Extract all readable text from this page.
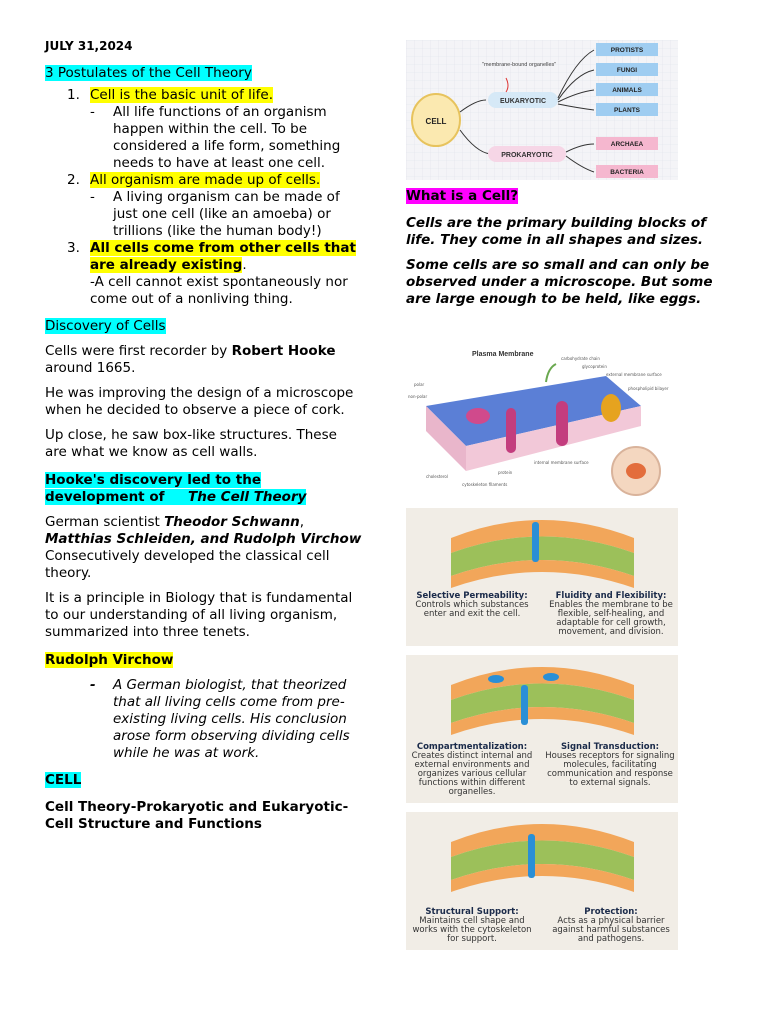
JULY 31,2024
3 Postulates of the Cell Theory
1. Cell is the basic unit of life.
- All life functions of an organism happen within the cell. To be considered a life form, something needs to have at least one cell.
2. All organism are made up of cells.
- A living organism can be made of just one cell (like an amoeba) or trillions (like the human body!)
3. All cells come from other cells that are already existing.
-A cell cannot exist spontaneously nor come out of a nonliving thing.
Discovery of Cells

Cells were first recorder by Robert Hooke around 1665.

He was improving the design of a microscope when he decided to observe a piece of cork.

Up close, he saw box-like structures. These are what we know as cell walls.

Hooke's discovery led to the development of     The Cell Theory

German scientist Theodor Schwann, Matthias Schleiden, and Rudolph Virchow Consecutively developed the classical cell theory.

It is a principle in Biology that is fundamental to our understanding of all living organism, summarized into three tenets.

Rudolph Virchow
- A German biologist, that theorized that all living cells come from pre-existing living cells. His conclusion arose form observing dividing cells while he was at work.
CELL
Cell Theory-Prokaryotic and Eukaryotic-Cell Structure and Functions
CELL
EUKARYOTIC
PROKARYOTIC
"membrane-bound organelles"
PROTISTS
FUNGI
ANIMALS
PLANTS
ARCHAEA
BACTERIA
What is a Cell?

Cells are the primary building blocks of life. They come in all shapes and sizes.

Some cells are so small and can only be observed under a microscope. But some are large enough to be held, like eggs.

Plasma Membrane
polar
non-polar
carbohydrate chain
glycoprotein
external membrane surface
phospholipid bilayer
internal membrane surface
protein
cholesterol
cytoskeleton filaments
Selective Permeability:
Controls which substances enter and exit the cell.
Fluidity and Flexibility:
Enables the membrane to be flexible, self-healing, and adaptable for cell growth, movement, and division.
Compartmentalization:
Creates distinct internal and external environments and organizes various cellular functions within different organelles.
Signal Transduction:
Houses receptors for signaling molecules, facilitating communication and response to external signals.
Structural Support:
Maintains cell shape and works with the cytoskeleton for support.
Protection:
Acts as a physical barrier against harmful substances and pathogens.
